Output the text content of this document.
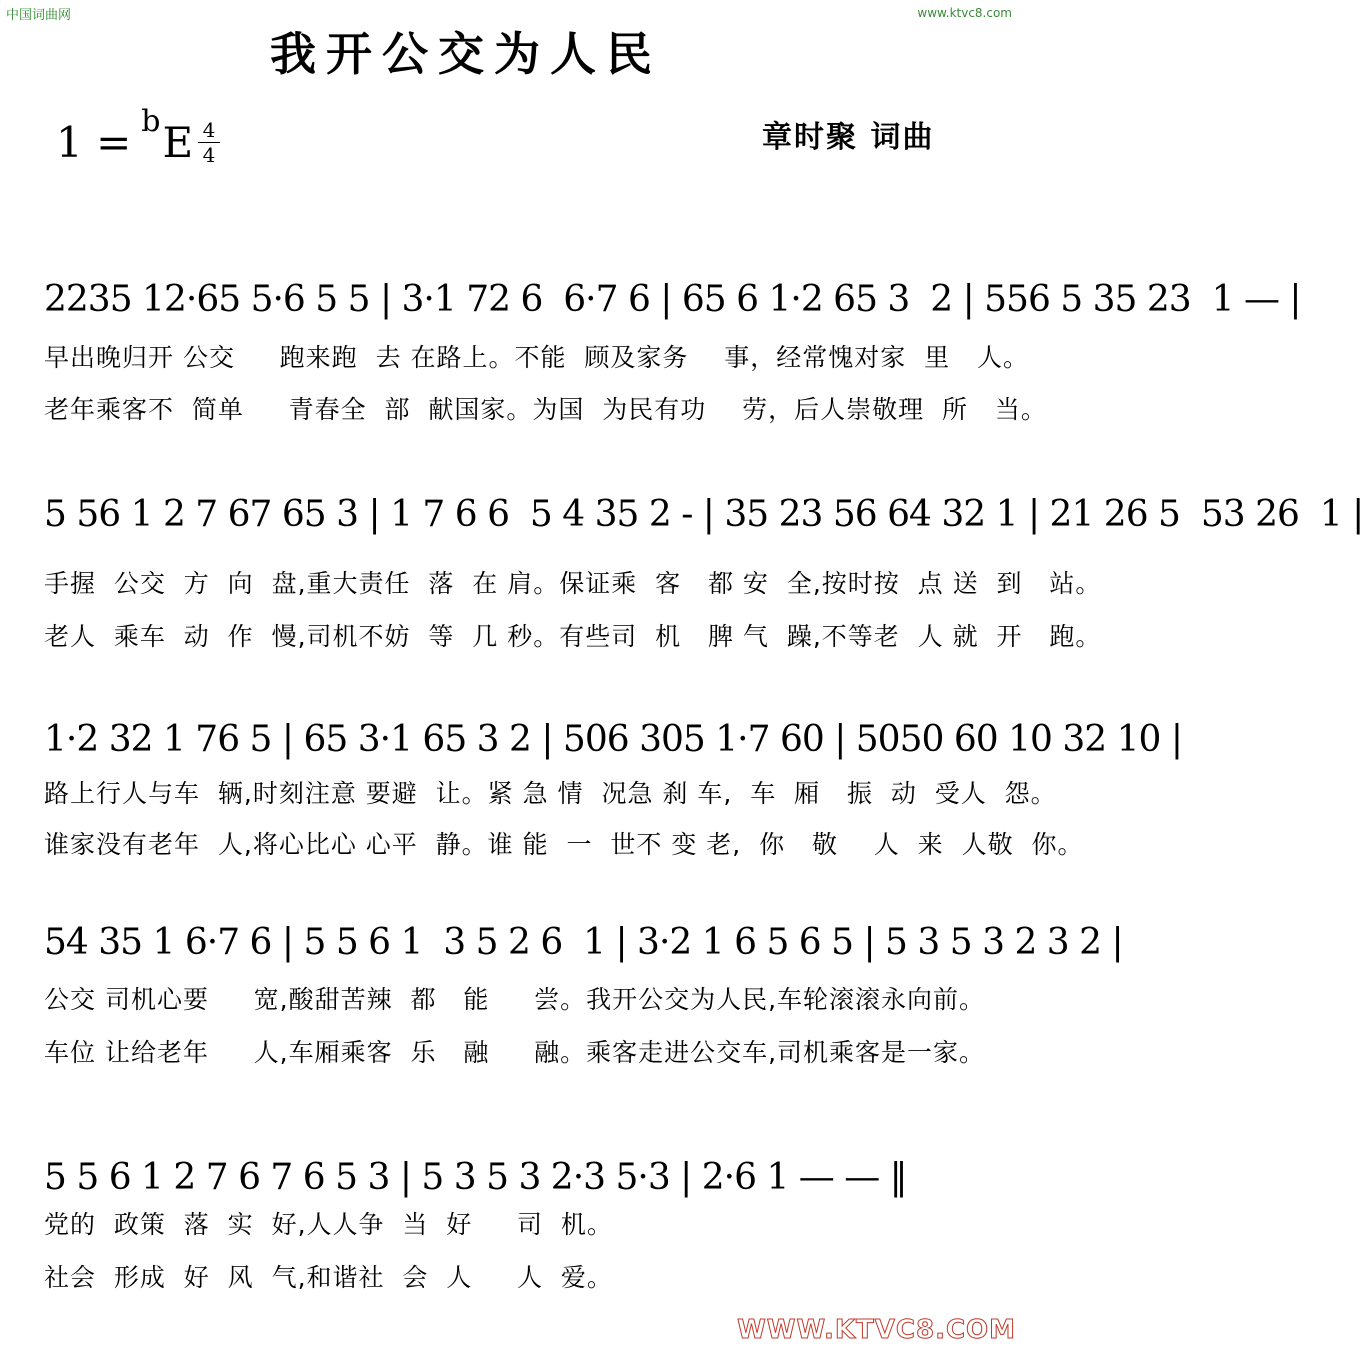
中国词曲网	www.ktvc8.com
我开公交为人民
1 = $^b$E 4
4	章时聚 词曲
2235 12·65 5·6 5 5 | 3·1 72 6  6·7 6 | 65 6 1·2 65 3  2 | 556 5 35 23  1 — |
早出晚归开 公交     跑来跑  去 在路上。不能  顾及家务    事，经常愧对家  里   人。
老年乘客不  简单     青春全  部  献国家。为国  为民有功    劳，后人崇敬理  所   当。
5 56 1 2 7 67 65 3 | 1 7 6 6  5 4 35 2 - | 35 23 56 64 32 1 | 21 26 5  53 26  1 |
手握  公交  方  向  盘,重大责任  落  在 肩。保证乘  客   都 安  全,按时按  点 送  到   站。
老人  乘车  动  作  慢,司机不妨  等  几 秒。有些司  机   脾 气  躁,不等老  人 就  开   跑。
1·2 32 1 76 5 | 65 3·1 65 3 2 | 506 305 1·7 60 | 5050 60 10 32 10 |
路上行人与车  辆,时刻注意 要避  让。紧 急 情  况急 刹 车,  车  厢   振  动  受人  怨。
谁家没有老年  人,将心比心 心平  静。谁 能  一  世不 变 老,  你   敬    人  来  人敬  你。
54 35 1 6·7 6 | 5 5 6 1  3 5 2 6  1 | 3·2 1 6 5 6 5 | 5 3 5 3 2 3 2 |
公交 司机心要     宽,酸甜苦辣  都   能     尝。我开公交为人民,车轮滚滚永向前。
车位 让给老年     人,车厢乘客  乐   融     融。乘客走进公交车,司机乘客是一家。
5 5 6 1 2 7 6 7 6 5 3 | 5 3 5 3 2·3 5·3 | 2·6 1 — — ‖
党的  政策  落  实  好,人人争  当  好     司  机。
社会  形成  好  风  气,和谐社  会  人     人  爱。
WWW.KTVC8.COM
